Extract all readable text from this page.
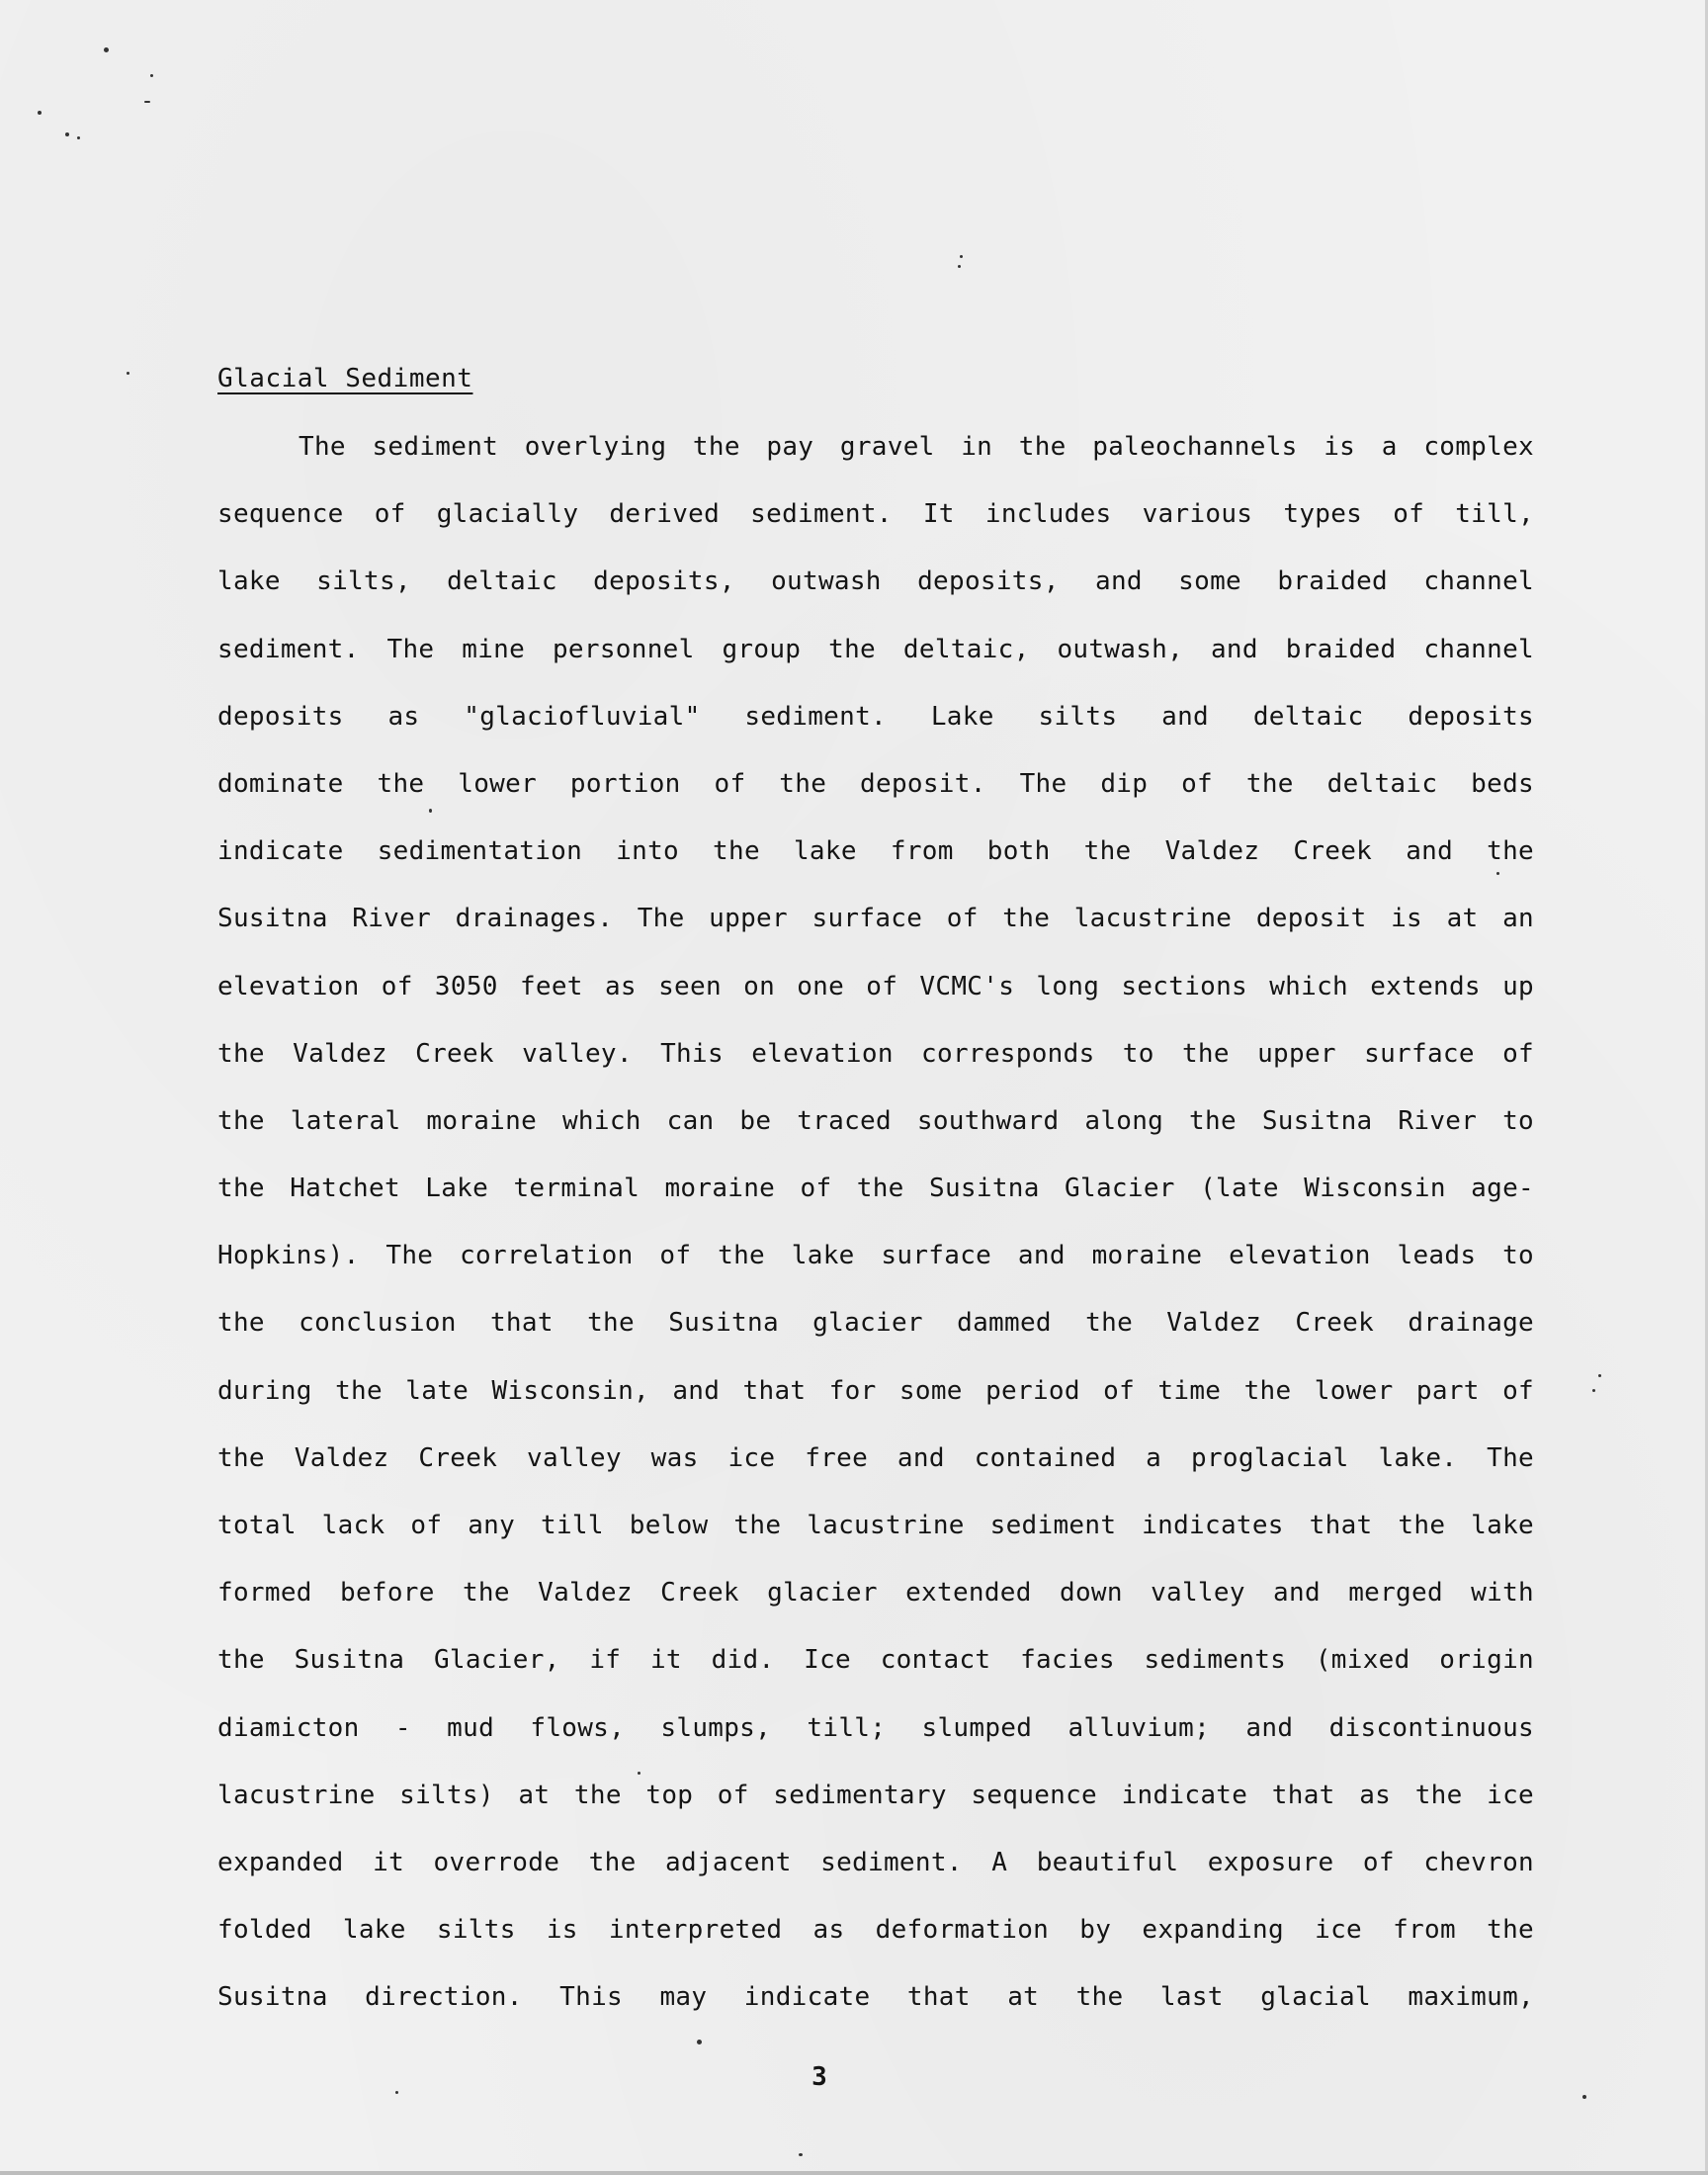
Glacial Sediment
The sediment overlying the pay gravel in the paleochannels is a complex
sequence of glacially derived sediment. It includes various types of till,
lake silts, deltaic deposits, outwash deposits, and some braided channel
sediment. The mine personnel group the deltaic, outwash, and braided channel
deposits as "glaciofluvial" sediment. Lake silts and deltaic deposits
dominate the lower portion of the deposit. The dip of the deltaic beds
indicate sedimentation into the lake from both the Valdez Creek and the
Susitna River drainages. The upper surface of the lacustrine deposit is at an
elevation of 3050 feet as seen on one of VCMC's long sections which extends up
the Valdez Creek valley. This elevation corresponds to the upper surface of
the lateral moraine which can be traced southward along the Susitna River to
the Hatchet Lake terminal moraine of the Susitna Glacier (late Wisconsin age-
Hopkins). The correlation of the lake surface and moraine elevation leads to
the conclusion that the Susitna glacier dammed the Valdez Creek drainage
during the late Wisconsin, and that for some period of time the lower part of
the Valdez Creek valley was ice free and contained a proglacial lake. The
total lack of any till below the lacustrine sediment indicates that the lake
formed before the Valdez Creek glacier extended down valley and merged with
the Susitna Glacier, if it did. Ice contact facies sediments (mixed origin
diamicton - mud flows, slumps, till; slumped alluvium; and discontinuous
lacustrine silts) at the top of sedimentary sequence indicate that as the ice
expanded it overrode the adjacent sediment. A beautiful exposure of chevron
folded lake silts is interpreted as deformation by expanding ice from the
Susitna direction. This may indicate that at the last glacial maximum,
3
